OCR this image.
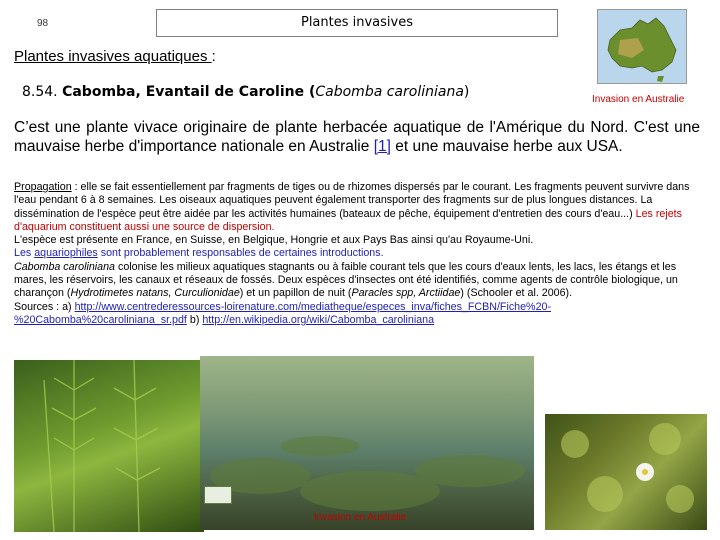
98	Plantes invasives
Invasion en Australie
Plantes invasives aquatiques :
8.54. Cabomba, Evantail de Caroline (Cabomba caroliniana)
C’est une plante vivace originaire de plante herbacée aquatique de l'Amérique du Nord. C'est une mauvaise herbe d'importance nationale en Australie [1] et une mauvaise herbe aux USA.
Propagation : elle se fait essentiellement par fragments de tiges ou de rhizomes dispersés par le courant. Les fragments peuvent survivre dans l'eau pendant 6 à 8 semaines. Les oiseaux aquatiques peuvent également transporter des fragments sur de plus longues distances. La dissémination de l'espèce peut être aidée par les activités humaines (bateaux de pêche, équipement d'entretien des cours d'eau...) Les rejets d'aquarium constituent aussi une source de dispersion.
L'espèce est présente en France, en Suisse, en Belgique, Hongrie et aux Pays Bas ainsi qu'au Royaume-Uni.
Les aquariophiles sont probablement responsables de certaines introductions.
Cabomba caroliniana colonise les milieux aquatiques stagnants ou à faible courant tels que les cours d'eaux lents, les lacs, les étangs et les mares, les réservoirs, les canaux et réseaux de fossés. Deux espèces d'insectes ont été identifiés, comme agents de contrôle biologique, un charançon (Hydrotimetes natans, Curculionidae) et un papillon de nuit (Paracles spp, Arctiidae) (Schooler et al. 2006).
Sources : a) http://www.centrederessources-loirenature.com/mediatheque/especes_inva/fiches_FCBN/Fiche%20-%20Cabomba%20caroliniana_sr.pdf b) http://en.wikipedia.org/wiki/Cabomba_caroliniana
Invasion en Australie
